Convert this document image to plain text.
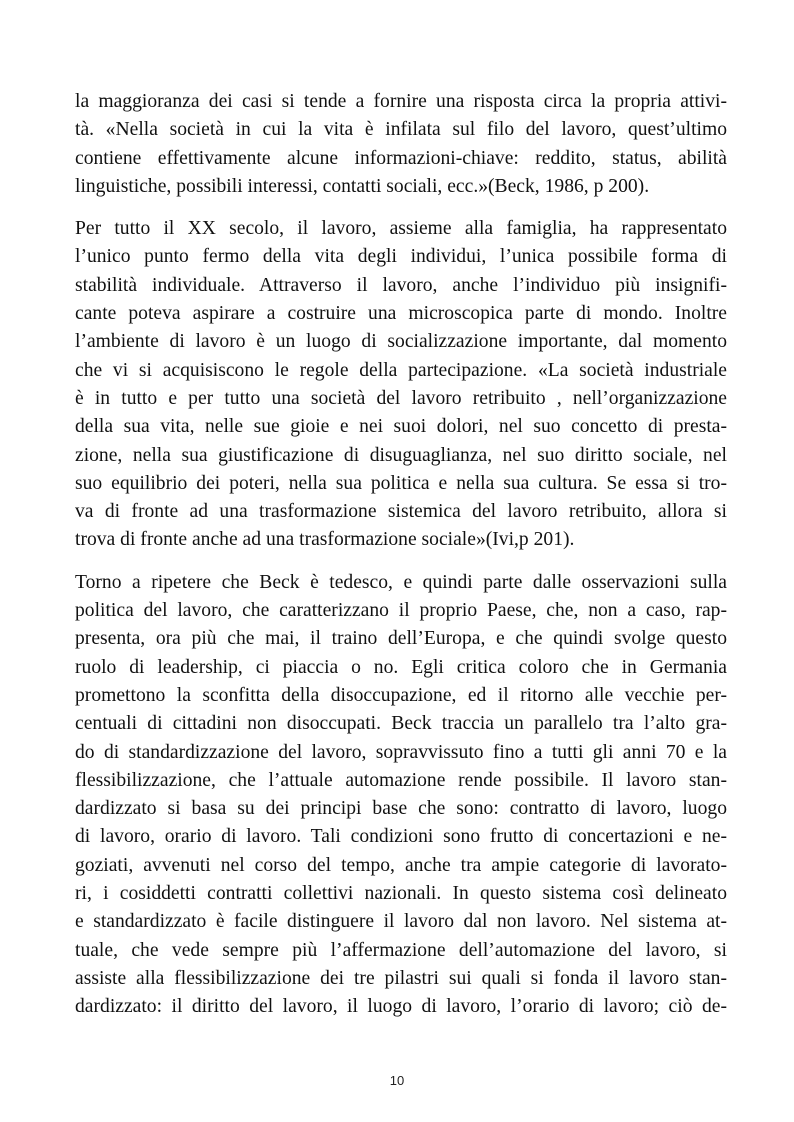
la maggioranza dei casi si tende a fornire una risposta circa la propria attivi-
tà. «Nella società in cui la vita è infilata sul filo del lavoro, quest’ultimo
contiene effettivamente alcune informazioni-chiave: reddito, status, abilità
linguistiche, possibili interessi, contatti sociali, ecc.»(Beck, 1986, p 200).
Per tutto il XX secolo, il lavoro, assieme alla famiglia, ha rappresentato
l’unico punto fermo della vita degli individui, l’unica possibile forma di
stabilità individuale. Attraverso il lavoro, anche l’individuo più insignifi-
cante poteva aspirare a costruire una microscopica parte di mondo. Inoltre
l’ambiente di lavoro è un luogo di socializzazione importante, dal momento
che vi si acquisiscono le regole della partecipazione. «La società industriale
è in tutto e per tutto una società del lavoro retribuito , nell’organizzazione
della sua vita, nelle sue gioie e nei suoi dolori, nel suo concetto di presta-
zione, nella sua giustificazione di disuguaglianza, nel suo diritto sociale, nel
suo equilibrio dei poteri, nella sua politica e nella sua cultura. Se essa si tro-
va di fronte ad una trasformazione sistemica del lavoro retribuito, allora si
trova di fronte anche ad una trasformazione sociale»(Ivi,p 201).
Torno a ripetere che Beck è tedesco, e quindi parte dalle osservazioni sulla
politica del lavoro, che caratterizzano il proprio Paese, che, non a caso, rap-
presenta, ora più che mai, il traino dell’Europa, e che quindi svolge questo
ruolo di leadership, ci piaccia o no. Egli critica coloro che in Germania
promettono la sconfitta della disoccupazione, ed il ritorno alle vecchie per-
centuali di cittadini non disoccupati. Beck traccia un parallelo tra l’alto gra-
do di standardizzazione del lavoro, sopravvissuto fino a tutti gli anni 70 e la
flessibilizzazione, che l’attuale automazione rende possibile. Il lavoro stan-
dardizzato si basa su dei principi base che sono: contratto di lavoro, luogo
di lavoro, orario di lavoro. Tali condizioni sono frutto di concertazioni e ne-
goziati, avvenuti nel corso del tempo, anche tra ampie categorie di lavorato-
ri, i cosiddetti contratti collettivi nazionali. In questo sistema così delineato
e standardizzato è facile distinguere il lavoro dal non lavoro. Nel sistema at-
tuale, che vede sempre più l’affermazione dell’automazione del lavoro, si
assiste alla flessibilizzazione dei tre pilastri sui quali si fonda il lavoro stan-
dardizzato: il diritto del lavoro, il luogo di lavoro, l’orario di lavoro; ciò de-
10
